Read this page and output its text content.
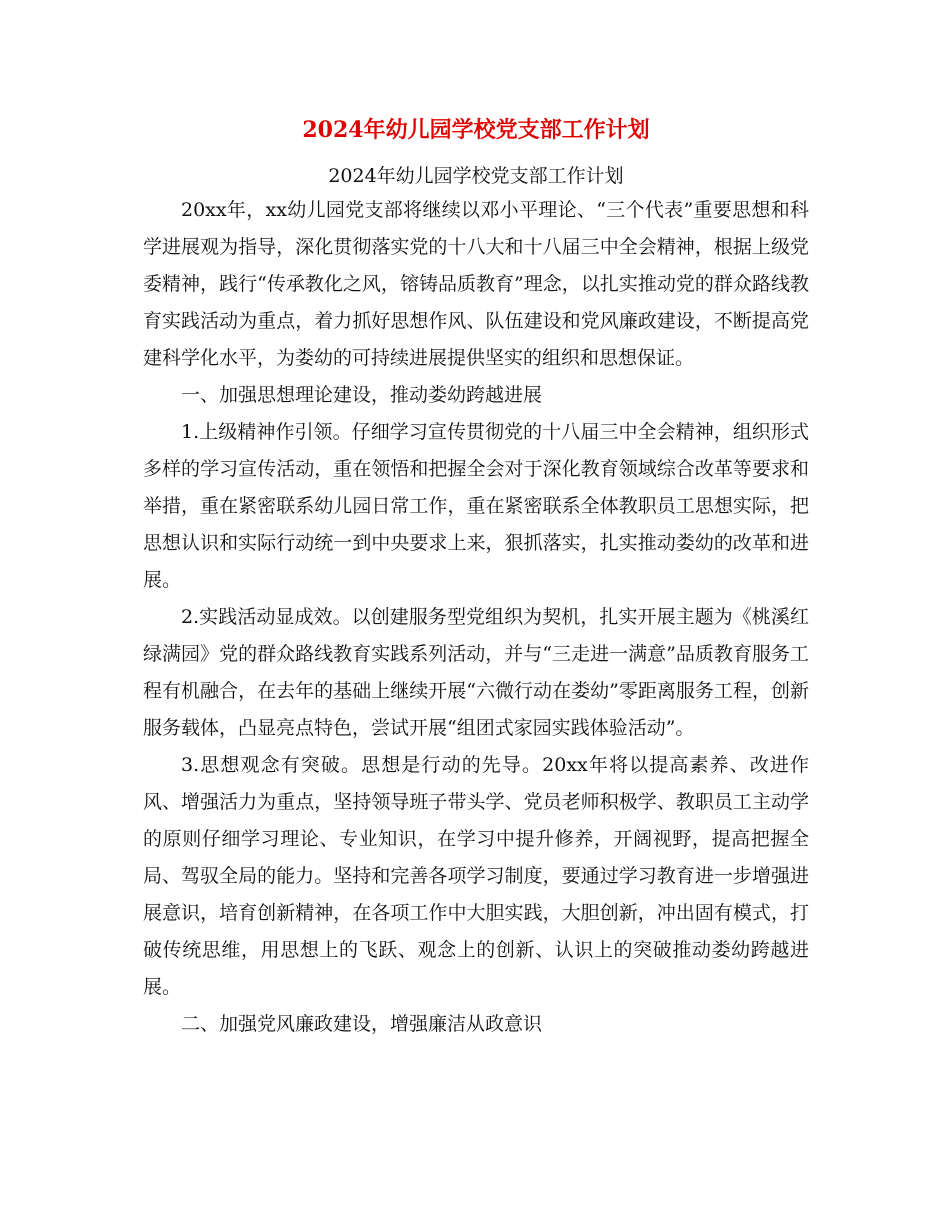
2024年幼儿园学校党支部工作计划
2024年幼儿园学校党支部工作计划

20xx年，xx幼儿园党支部将继续以邓小平理论、“三个代表”重要思想和科学进展观为指导，深化贯彻落实党的十八大和十八届三中全会精神，根据上级党委精神，践行“传承教化之风，镕铸品质教育”理念，以扎实推动党的群众路线教育实践活动为重点，着力抓好思想作风、队伍建设和党风廉政建设，不断提高党建科学化水平，为娄幼的可持续进展提供坚实的组织和思想保证。

一、加强思想理论建设，推动娄幼跨越进展

1.上级精神作引领。仔细学习宣传贯彻党的十八届三中全会精神，组织形式多样的学习宣传活动，重在领悟和把握全会对于深化教育领域综合改革等要求和举措，重在紧密联系幼儿园日常工作，重在紧密联系全体教职员工思想实际，把思想认识和实际行动统一到中央要求上来，狠抓落实，扎实推动娄幼的改革和进展。

2.实践活动显成效。以创建服务型党组织为契机，扎实开展主题为《桃溪红绿满园》党的群众路线教育实践系列活动，并与“三走进一满意”品质教育服务工程有机融合，在去年的基础上继续开展“六微行动在娄幼”零距离服务工程，创新服务载体，凸显亮点特色，尝试开展“组团式家园实践体验活动”。

3.思想观念有突破。思想是行动的先导。20xx年将以提高素养、改进作风、增强活力为重点，坚持领导班子带头学、党员老师积极学、教职员工主动学的原则仔细学习理论、专业知识，在学习中提升修养，开阔视野，提高把握全局、驾驭全局的能力。坚持和完善各项学习制度，要通过学习教育进一步增强进展意识，培育创新精神，在各项工作中大胆实践，大胆创新，冲出固有模式，打破传统思维，用思想上的飞跃、观念上的创新、认识上的突破推动娄幼跨越进展。

二、加强党风廉政建设，增强廉洁从政意识
